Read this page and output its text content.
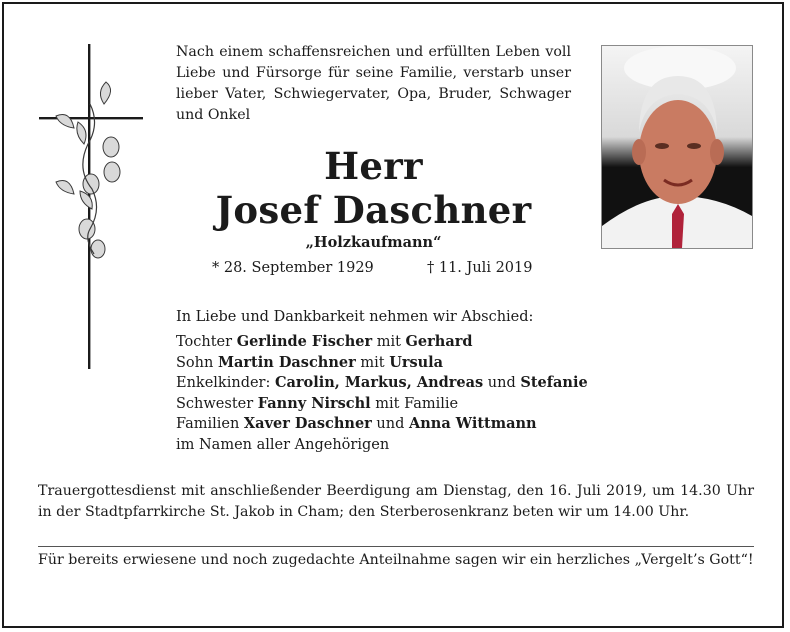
Nach einem schaffensreichen und erfüllten Leben voll Liebe und Fürsorge für seine Familie, verstarb unser lieber Vater, Schwiegervater, Opa, Bruder, Schwager und Onkel
Herr
Josef Daschner
„Holzkaufmann“
* 28. September 1929	† 11. Juli 2019
In Liebe und Dankbarkeit nehmen wir Abschied:
Tochter Gerlinde Fischer mit Gerhard
Sohn Martin Daschner mit Ursula
Enkelkinder: Carolin, Markus, Andreas und Stefanie
Schwester Fanny Nirschl mit Familie
Familien Xaver Daschner und Anna Wittmann
im Namen aller Angehörigen
Trauergottesdienst mit anschließender Beerdigung am Dienstag, den 16. Juli 2019, um 14.30 Uhr in der Stadtpfarrkirche St. Jakob in Cham; den Sterberosenkranz beten wir um 14.00 Uhr.
Für bereits erwiesene und noch zugedachte Anteilnahme sagen wir ein herzliches „Vergelt’s Gott“!
